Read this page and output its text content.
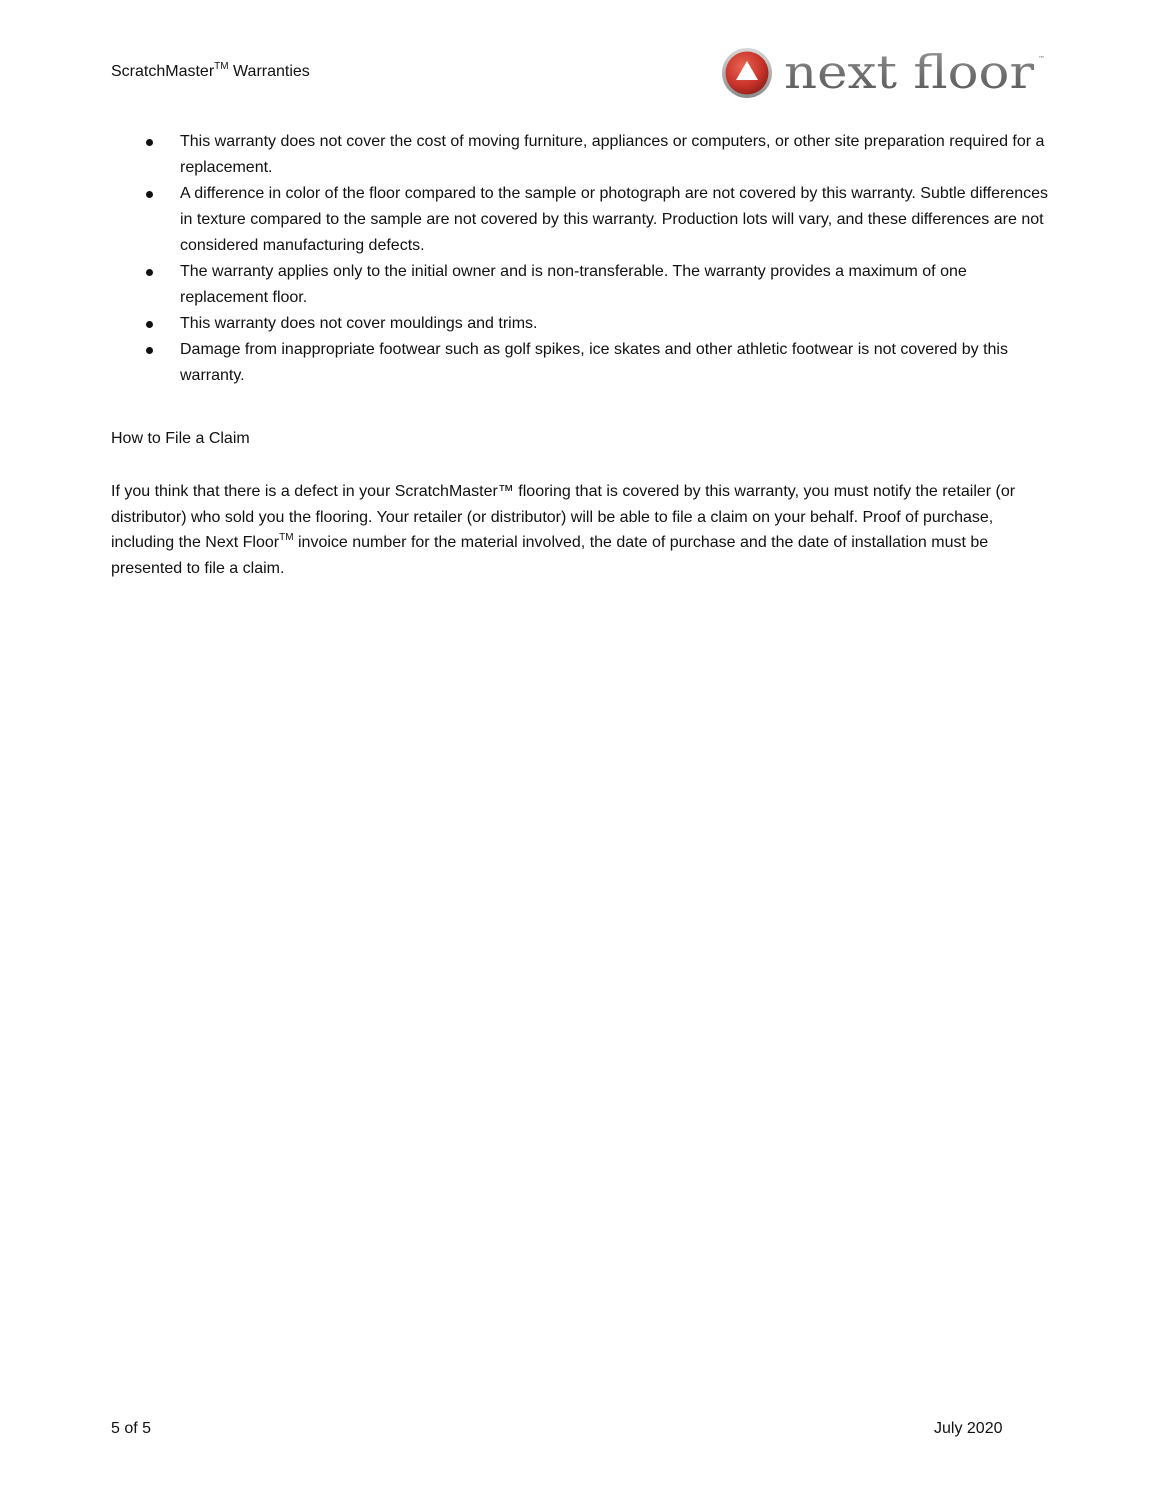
ScratchMaster™ Warranties	next floor ™
This warranty does not cover the cost of moving furniture, appliances or computers, or other site preparation required for a replacement.
A difference in color of the floor compared to the sample or photograph are not covered by this warranty. Subtle differences in texture compared to the sample are not covered by this warranty. Production lots will vary, and these differences are not considered manufacturing defects.
The warranty applies only to the initial owner and is non-transferable. The warranty provides a maximum of one replacement floor.
This warranty does not cover mouldings and trims.
Damage from inappropriate footwear such as golf spikes, ice skates and other athletic footwear is not covered by this warranty.
How to File a Claim

If you think that there is a defect in your ScratchMaster™ flooring that is covered by this warranty, you must notify the retailer (or distributor) who sold you the flooring. Your retailer (or distributor) will be able to file a claim on your behalf. Proof of purchase, including the Next Floor™ invoice number for the material involved, the date of purchase and the date of installation must be presented to file a claim.

5 of 5	July 2020
